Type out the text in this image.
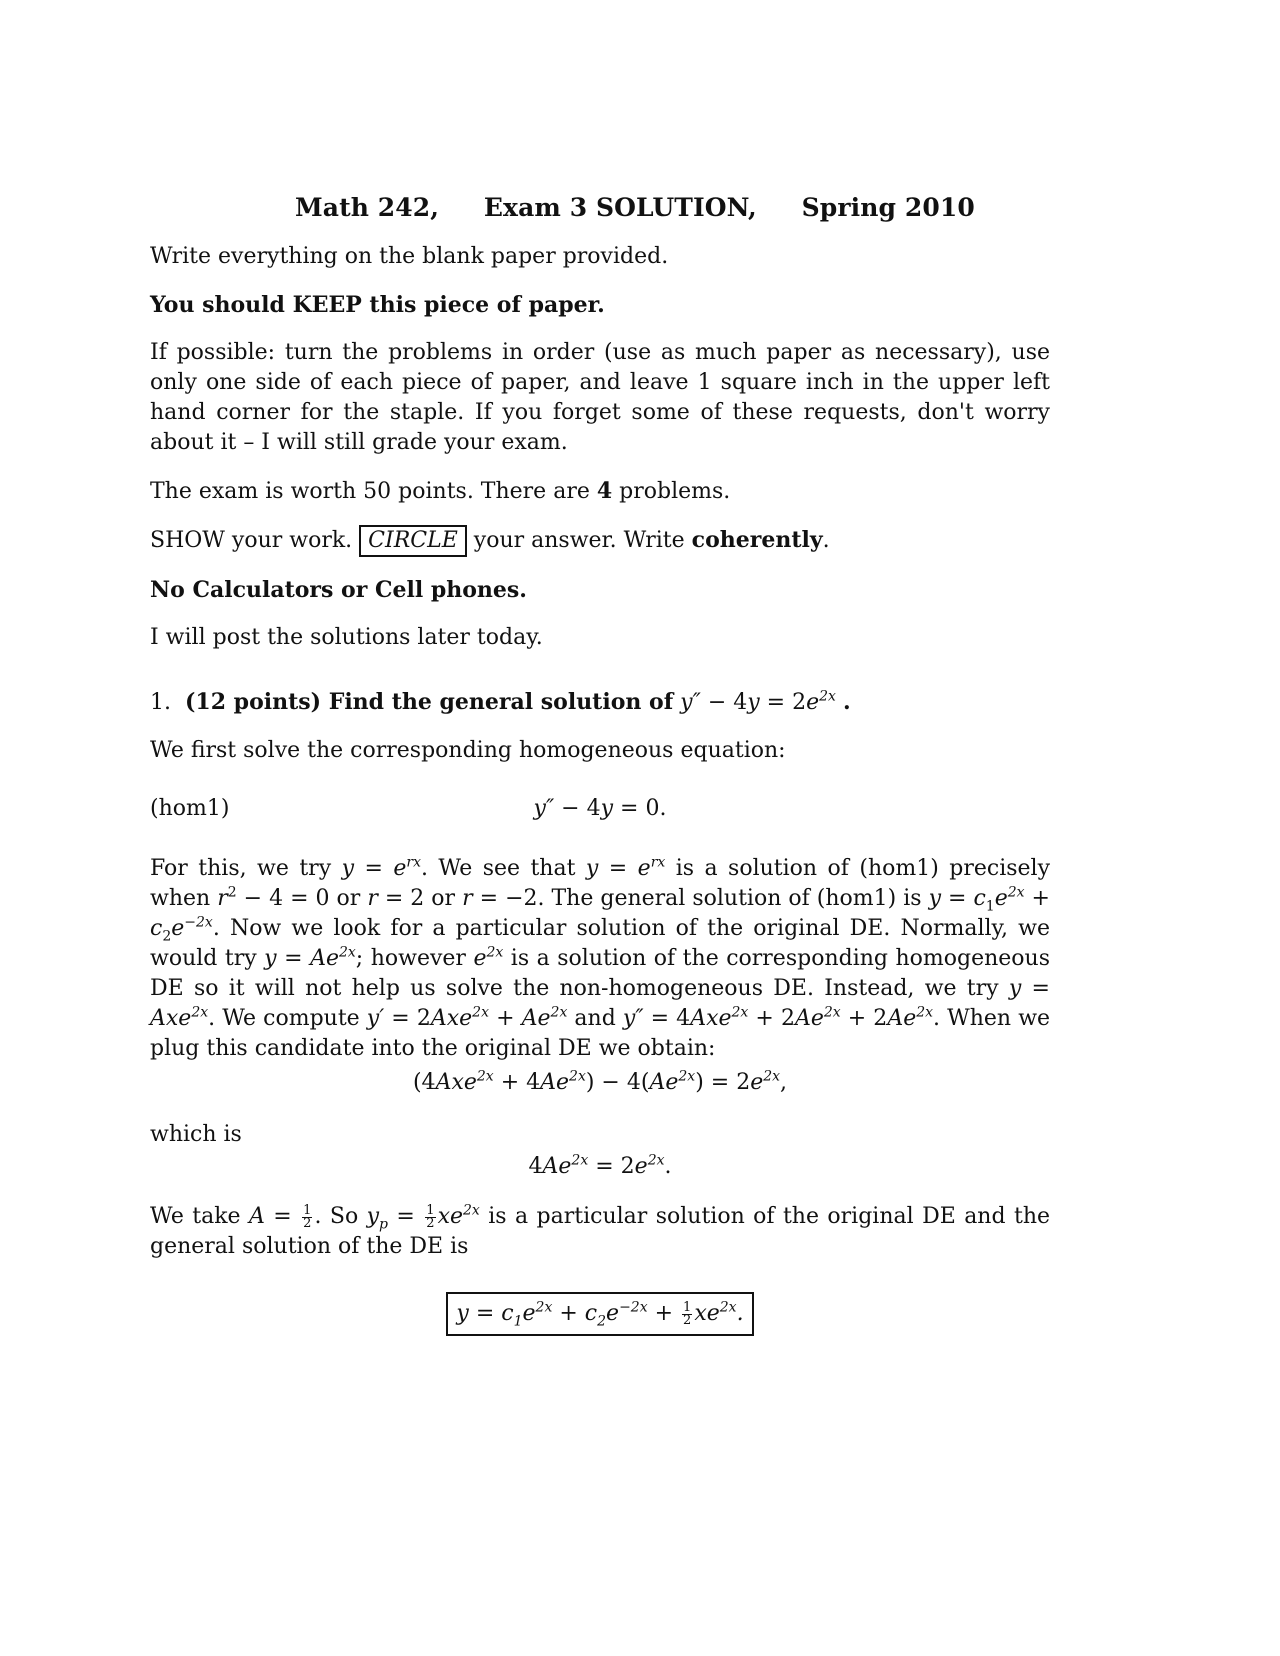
Math 242, Exam 3 SOLUTION, Spring 2010

Write everything on the blank paper provided.

You should KEEP this piece of paper.

If possible: turn the problems in order (use as much paper as necessary), use only one side of each piece of paper, and leave 1 square inch in the upper left hand corner for the staple. If you forget some of these requests, don't worry about it – I will still grade your exam.

The exam is worth 50 points. There are 4 problems.

SHOW your work. CIRCLE your answer. Write coherently.

No Calculators or Cell phones.

I will post the solutions later today.

1. (12 points) Find the general solution of $y'' - 4y = 2e^{2x}$ .

We first solve the corresponding homogeneous equation:

(hom1)	y″ − 4y = 0.

For this, we try $y = e^{rx}$. We see that $y = e^{rx}$ is a solution of (hom1) precisely when $r^2 - 4 = 0$ or r = 2 or r = −2. The general solution of (hom1) is $y = c_1e^{2x} + c_2e^{-2x}$. Now we look for a particular solution of the original DE. Normally, we would try $y = Ae^{2x}$; however $e^{2x}$ is a solution of the corresponding homogeneous DE so it will not help us solve the non-homogeneous DE. Instead, we try y = Axe$^{2x}$. We compute $y' = 2Axe^{2x} + Ae^{2x}$ and $y'' = 4Axe^{2x} + 2Ae^{2x} + 2Ae^{2x}$. When we plug this candidate into the original DE we obtain:

$(4Axe^{2x} + 4Ae^{2x}) - 4(Ae^{2x}) = 2e^{2x}$,

which is

$4Ae^{2x} = 2e^{2x}$.

We take $A = \frac{1}{2}$ . So $y_p = \frac{1}{2} xe^{2x}$ is a particular solution of the original DE and the general solution of the DE is

$y = c_1e^{2x} + c_2e^{-2x} + \frac{1}{2} xe^{2x}$.
